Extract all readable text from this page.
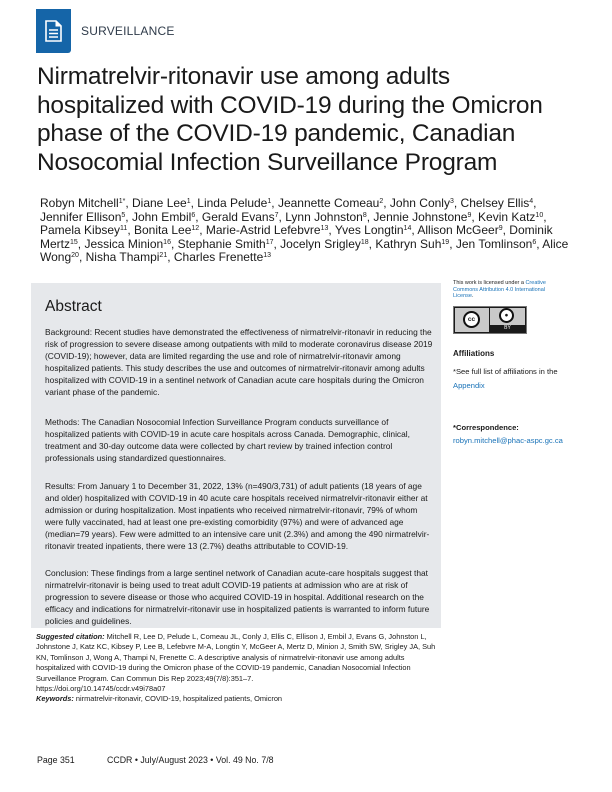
SURVEILLANCE
Nirmatrelvir-ritonavir use among adults hospitalized with COVID-19 during the Omicron phase of the COVID-19 pandemic, Canadian Nosocomial Infection Surveillance Program
Robyn Mitchell$^{1*}$, Diane Lee$^1$, Linda Pelude$^1$, Jeannette Comeau$^2$, John Conly$^3$, Chelsey Ellis$^4$, Jennifer Ellison$^5$, John Embil$^6$, Gerald Evans$^7$, Lynn Johnston$^8$, Jennie Johnstone$^9$, Kevin Katz$^{10}$, Pamela Kibsey$^{11}$, Bonita Lee$^{12}$, Marie-Astrid Lefebvre$^{13}$, Yves Longtin$^{14}$, Allison McGeer$^9$, Dominik Mertz$^{15}$, Jessica Minion$^{16}$, Stephanie Smith$^{17}$, Jocelyn Srigley$^{18}$, Kathryn Suh$^{19}$, Jen Tomlinson$^6$, Alice Wong$^{20}$, Nisha Thampi$^{21}$, Charles Frenette$^{13}$
Abstract

Background: Recent studies have demonstrated the effectiveness of nirmatrelvir-ritonavir in reducing the risk of progression to severe disease among outpatients with mild to moderate coronavirus disease 2019 (COVID-19); however, data are limited regarding the use and role of nirmatrelvir-ritonavir among hospitalized patients. This study describes the use and outcomes of nirmatrelvir-ritonavir among adults hospitalized with COVID-19 in a sentinel network of Canadian acute care hospitals during the Omicron variant phase of the pandemic.

Methods: The Canadian Nosocomial Infection Surveillance Program conducts surveillance of hospitalized patients with COVID-19 in acute care hospitals across Canada. Demographic, clinical, treatment and 30-day outcome data were collected by chart review by trained infection control professionals using standardized questionnaires.

Results: From January 1 to December 31, 2022, 13% (n=490/3,731) of adult patients (18 years of age and older) hospitalized with COVID-19 in 40 acute care hospitals received nirmatrelvir-ritonavir either at admission or during hospitalization. Most inpatients who received nirmatrelvir-ritonavir, 79% of whom were fully vaccinated, had at least one pre-existing comorbidity (97%) and were of advanced age (median=79 years). Few were admitted to an intensive care unit (2.3%) and among the 490 nirmatrelvir-ritonavir treated inpatients, there were 13 (2.7%) deaths attributable to COVID-19.

Conclusion: These findings from a large sentinel network of Canadian acute-care hospitals suggest that nirmatrelvir-ritonavir is being used to treat adult COVID-19 patients at admission who are at risk of progression to severe disease or those who acquired COVID-19 in hospital. Additional research on the efficacy and indications for nirmatrelvir-ritonavir use in hospitalized patients is warranted to inform future policies and guidelines.

Suggested citation: Mitchell R, Lee D, Pelude L, Comeau JL, Conly J, Ellis C, Ellison J, Embil J, Evans G, Johnston L, Johnstone J, Katz KC, Kibsey P, Lee B, Lefebvre M-A, Longtin Y, McGeer A, Mertz D, Minion J, Smith SW, Srigley JA, Suh KN, Tomlinson J, Wong A, Thampi N, Frenette C. A descriptive analysis of nirmatrelvir-ritonavir use among adults hospitalized with COVID-19 during the Omicron phase of the COVID-19 pandemic, Canadian Nosocomial Infection Surveillance Program. Can Commun Dis Rep 2023;49(7/8):351–7.
https://doi.org/10.14745/ccdr.v49i78a07
Keywords: nirmatrelvir-ritonavir, COVID-19, hospitalized patients, Omicron
This work is licensed under a Creative Commons Attribution 4.0 International License.
cc
●
BY
Affiliations
*See full list of affiliations in the
Appendix
*Correspondence:
robyn.mitchell@phac-aspc.gc.ca
Page 351	CCDR • July/August 2023 • Vol. 49 No. 7/8
